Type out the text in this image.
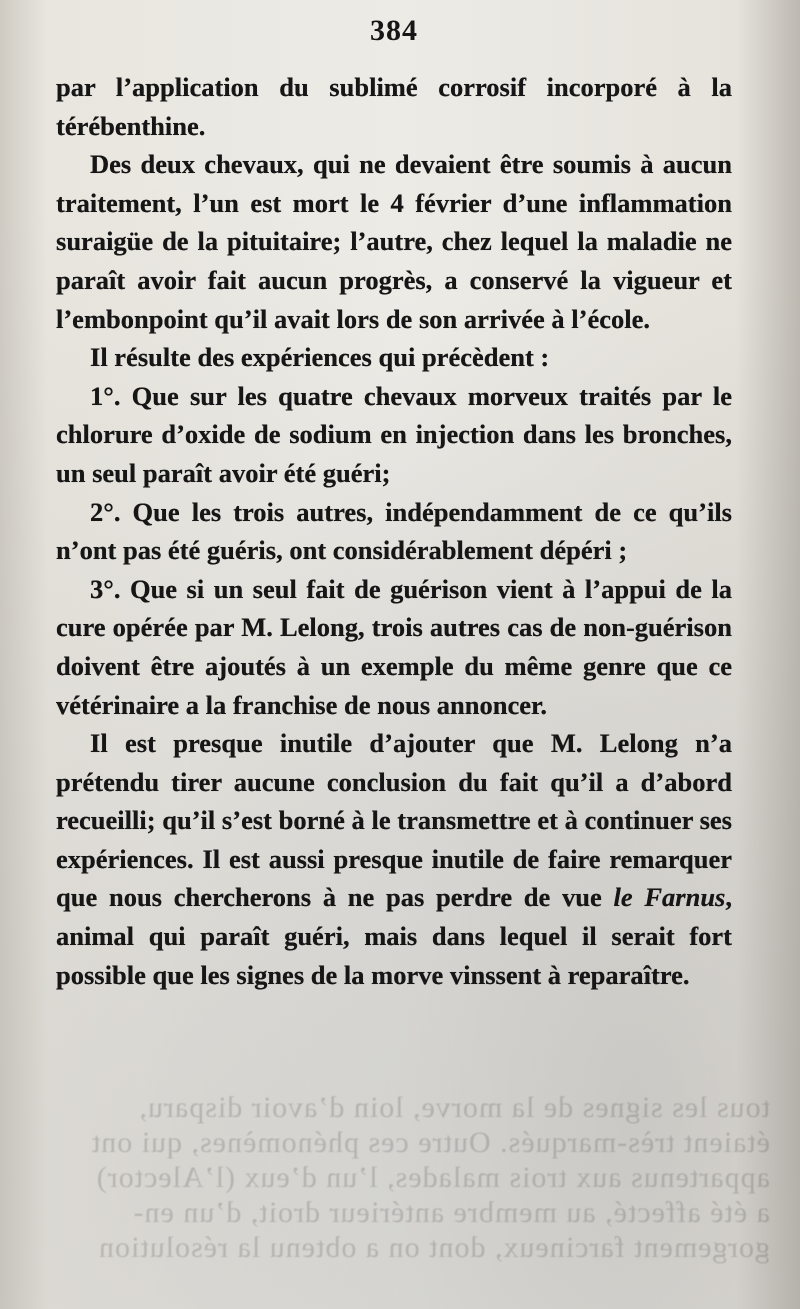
tous les signes de la morve, loin d’avoir disparu,
étaient très-marqués. Outre ces phénomènes, qui ont
appartenus aux trois malades, l’un d’eux (l’Alector)
a été affecté, au membre antérieur droit, d’un en-
gorgement farcineux, dont on a obtenu la résolution
384

par l’application du sublimé corrosif incorporé à la térébenthine.

Des deux chevaux, qui ne devaient être soumis à aucun traitement, l’un est mort le 4 février d’une inflammation suraigüe de la pituitaire; l’autre, chez lequel la maladie ne paraît avoir fait aucun progrès, a conservé la vigueur et l’embonpoint qu’il avait lors de son arrivée à l’école.

Il résulte des expériences qui précèdent :

1°. Que sur les quatre chevaux morveux traités par le chlorure d’oxide de sodium en injection dans les bronches, un seul paraît avoir été guéri;

2°. Que les trois autres, indépendamment de ce qu’ils n’ont pas été guéris, ont considérablement dépéri ;

3°. Que si un seul fait de guérison vient à l’appui de la cure opérée par M. Lelong, trois autres cas de non-guérison doivent être ajoutés à un exemple du même genre que ce vétérinaire a la franchise de nous annoncer.

Il est presque inutile d’ajouter que M. Lelong n’a prétendu tirer aucune conclusion du fait qu’il a d’abord recueilli; qu’il s’est borné à le transmettre et à continuer ses expériences. Il est aussi presque inutile de faire remarquer que nous chercherons à ne pas perdre de vue le Farnus, animal qui paraît guéri, mais dans lequel il serait fort possible que les signes de la morve vinssent à reparaître.
